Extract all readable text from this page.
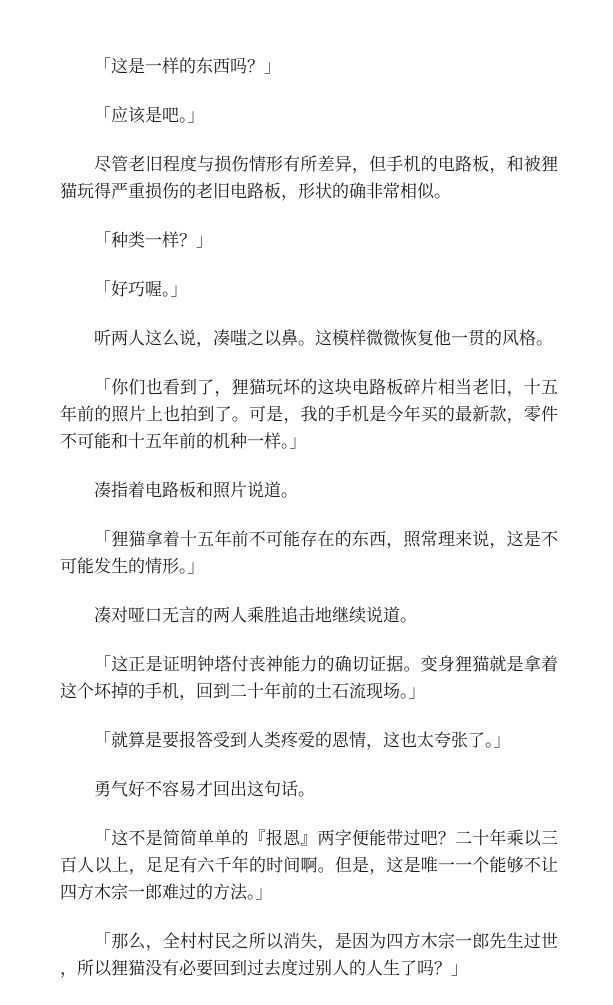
「这是一样的东西吗？」

「应该是吧。」

尽管老旧程度与损伤情形有所差异，但手机的电路板，和被狸猫玩得严重损伤的老旧电路板，形状的确非常相似。

「种类一样？」

「好巧喔。」

听两人这么说，凑嗤之以鼻。这模样微微恢复他一贯的风格。

「你们也看到了，狸猫玩坏的这块电路板碎片相当老旧，十五年前的照片上也拍到了。可是，我的手机是今年买的最新款，零件不可能和十五年前的机种一样。」

凑指着电路板和照片说道。

「狸猫拿着十五年前不可能存在的东西，照常理来说，这是不可能发生的情形。」

凑对哑口无言的两人乘胜追击地继续说道。

「这正是证明钟塔付丧神能力的确切证据。变身狸猫就是拿着这个坏掉的手机，回到二十年前的土石流现场。」

「就算是要报答受到人类疼爱的恩情，这也太夸张了。」

勇气好不容易才回出这句话。

「这不是简简单单的『报恩』两字便能带过吧？二十年乘以三百人以上，足足有六千年的时间啊。但是，这是唯一一个能够不让四方木宗一郎难过的方法。」

「那么，全村村民之所以消失，是因为四方木宗一郎先生过世，所以狸猫没有必要回到过去度过别人的人生了吗？」
